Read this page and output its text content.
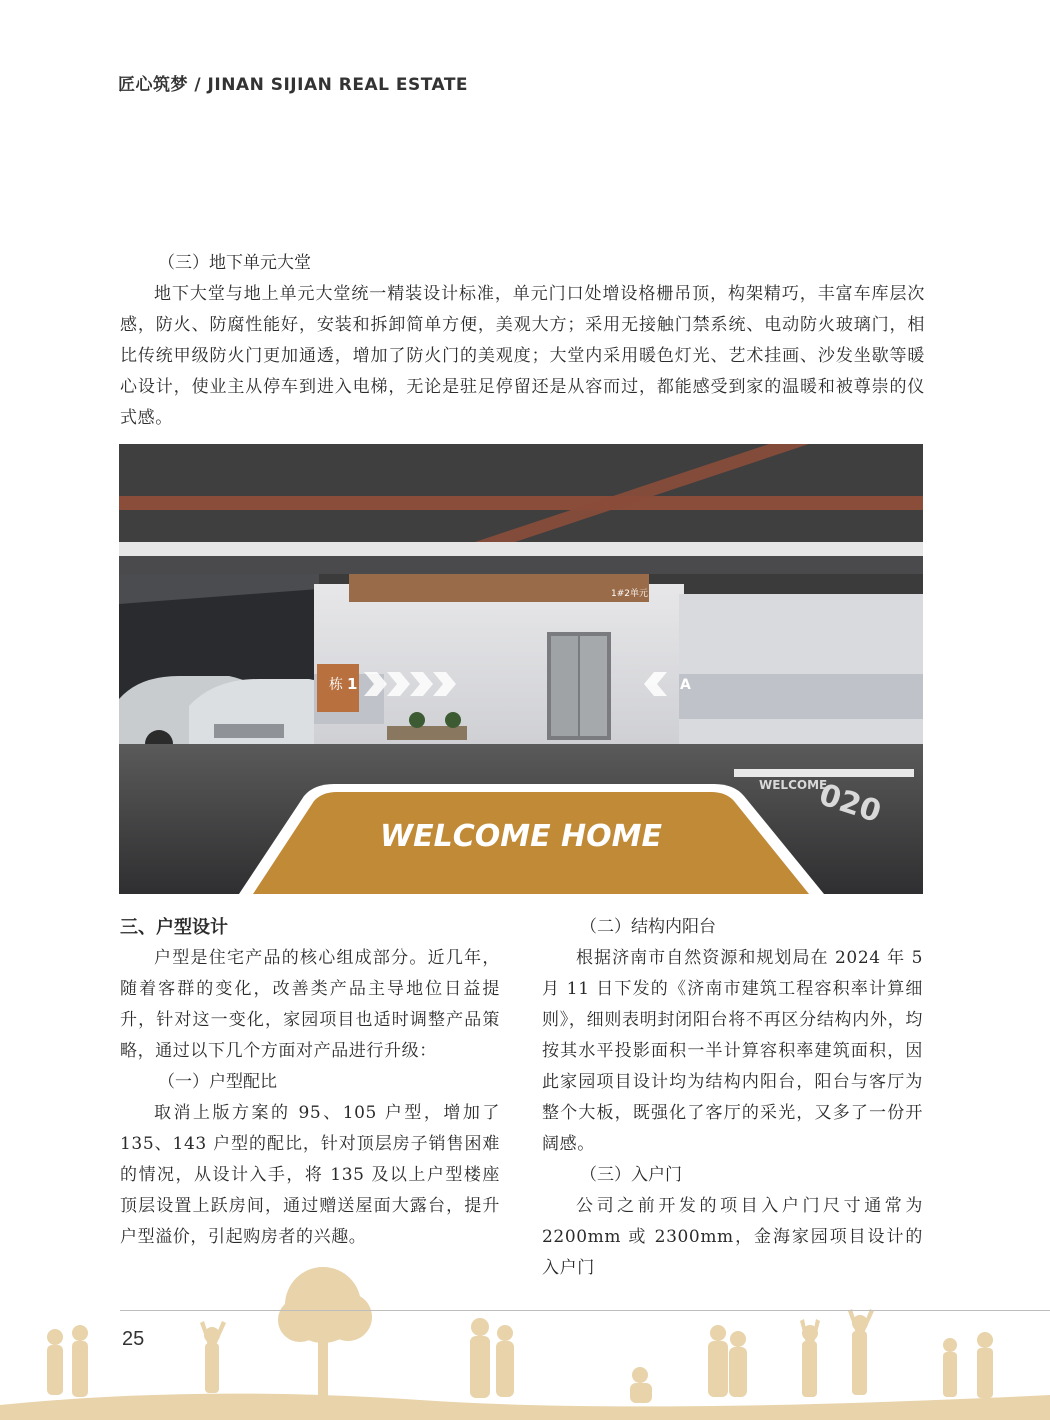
匠心筑梦 / JINAN SIJIAN REAL ESTATE

（三）地下单元大堂

地下大堂与地上单元大堂统一精装设计标准，单元门口处增设格栅吊顶，构架精巧，丰富车库层次感，防火、防腐性能好，安装和拆卸简单方便，美观大方；采用无接触门禁系统、电动防火玻璃门，相比传统甲级防火门更加通透，增加了防火门的美观度；大堂内采用暖色灯光、艺术挂画、沙发坐歇等暖心设计，使业主从停车到进入电梯，无论是驻足停留还是从容而过，都能感受到家的温暖和被尊崇的仪式感。

栋 1
1#2单元
A
WELCOME HOME
WELCOME
020

三、户型设计

户型是住宅产品的核心组成部分。近几年，随着客群的变化，改善类产品主导地位日益提升，针对这一变化，家园项目也适时调整产品策略，通过以下几个方面对产品进行升级：

（一）户型配比

取消上版方案的 95、105 户型，增加了 135、143 户型的配比，针对顶层房子销售困难的情况，从设计入手，将 135 及以上户型楼座顶层设置上跃房间，通过赠送屋面大露台，提升户型溢价，引起购房者的兴趣。

（二）结构内阳台

根据济南市自然资源和规划局在 2024 年 5 月 11 日下发的《济南市建筑工程容积率计算细则》，细则表明封闭阳台将不再区分结构内外，均按其水平投影面积一半计算容积率建筑面积，因此家园项目设计均为结构内阳台，阳台与客厅为整个大板，既强化了客厅的采光，又多了一份开阔感。

（三）入户门

公司之前开发的项目入户门尺寸通常为 2200mm 或 2300mm，金海家园项目设计的入户门

25
